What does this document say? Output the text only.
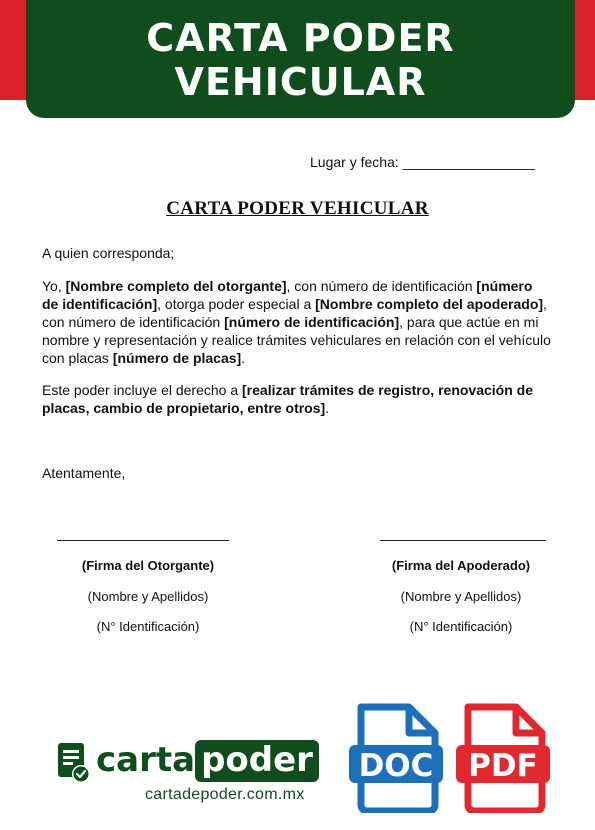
CARTA PODER VEHICULAR
Lugar y fecha: _________________
CARTA PODER VEHICULAR
A quien corresponda;
Yo, [Nombre completo del otorgante], con número de identificación [número de identificación], otorga poder especial a [Nombre completo del apoderado], con número de identificación [número de identificación], para que actúe en mi nombre y representación y realice trámites vehiculares en relación con el vehículo con placas [número de placas].
Este poder incluye el derecho a [realizar trámites de registro, renovación de placas, cambio de propietario, entre otros].
Atentamente,
(Firma del Otorgante)
(Nombre y Apellidos)
(N° Identificación)
(Firma del Apoderado)
(Nombre y Apellidos)
(N° Identificación)
carta poder
cartadepoder.com.mx
DOC PDF
